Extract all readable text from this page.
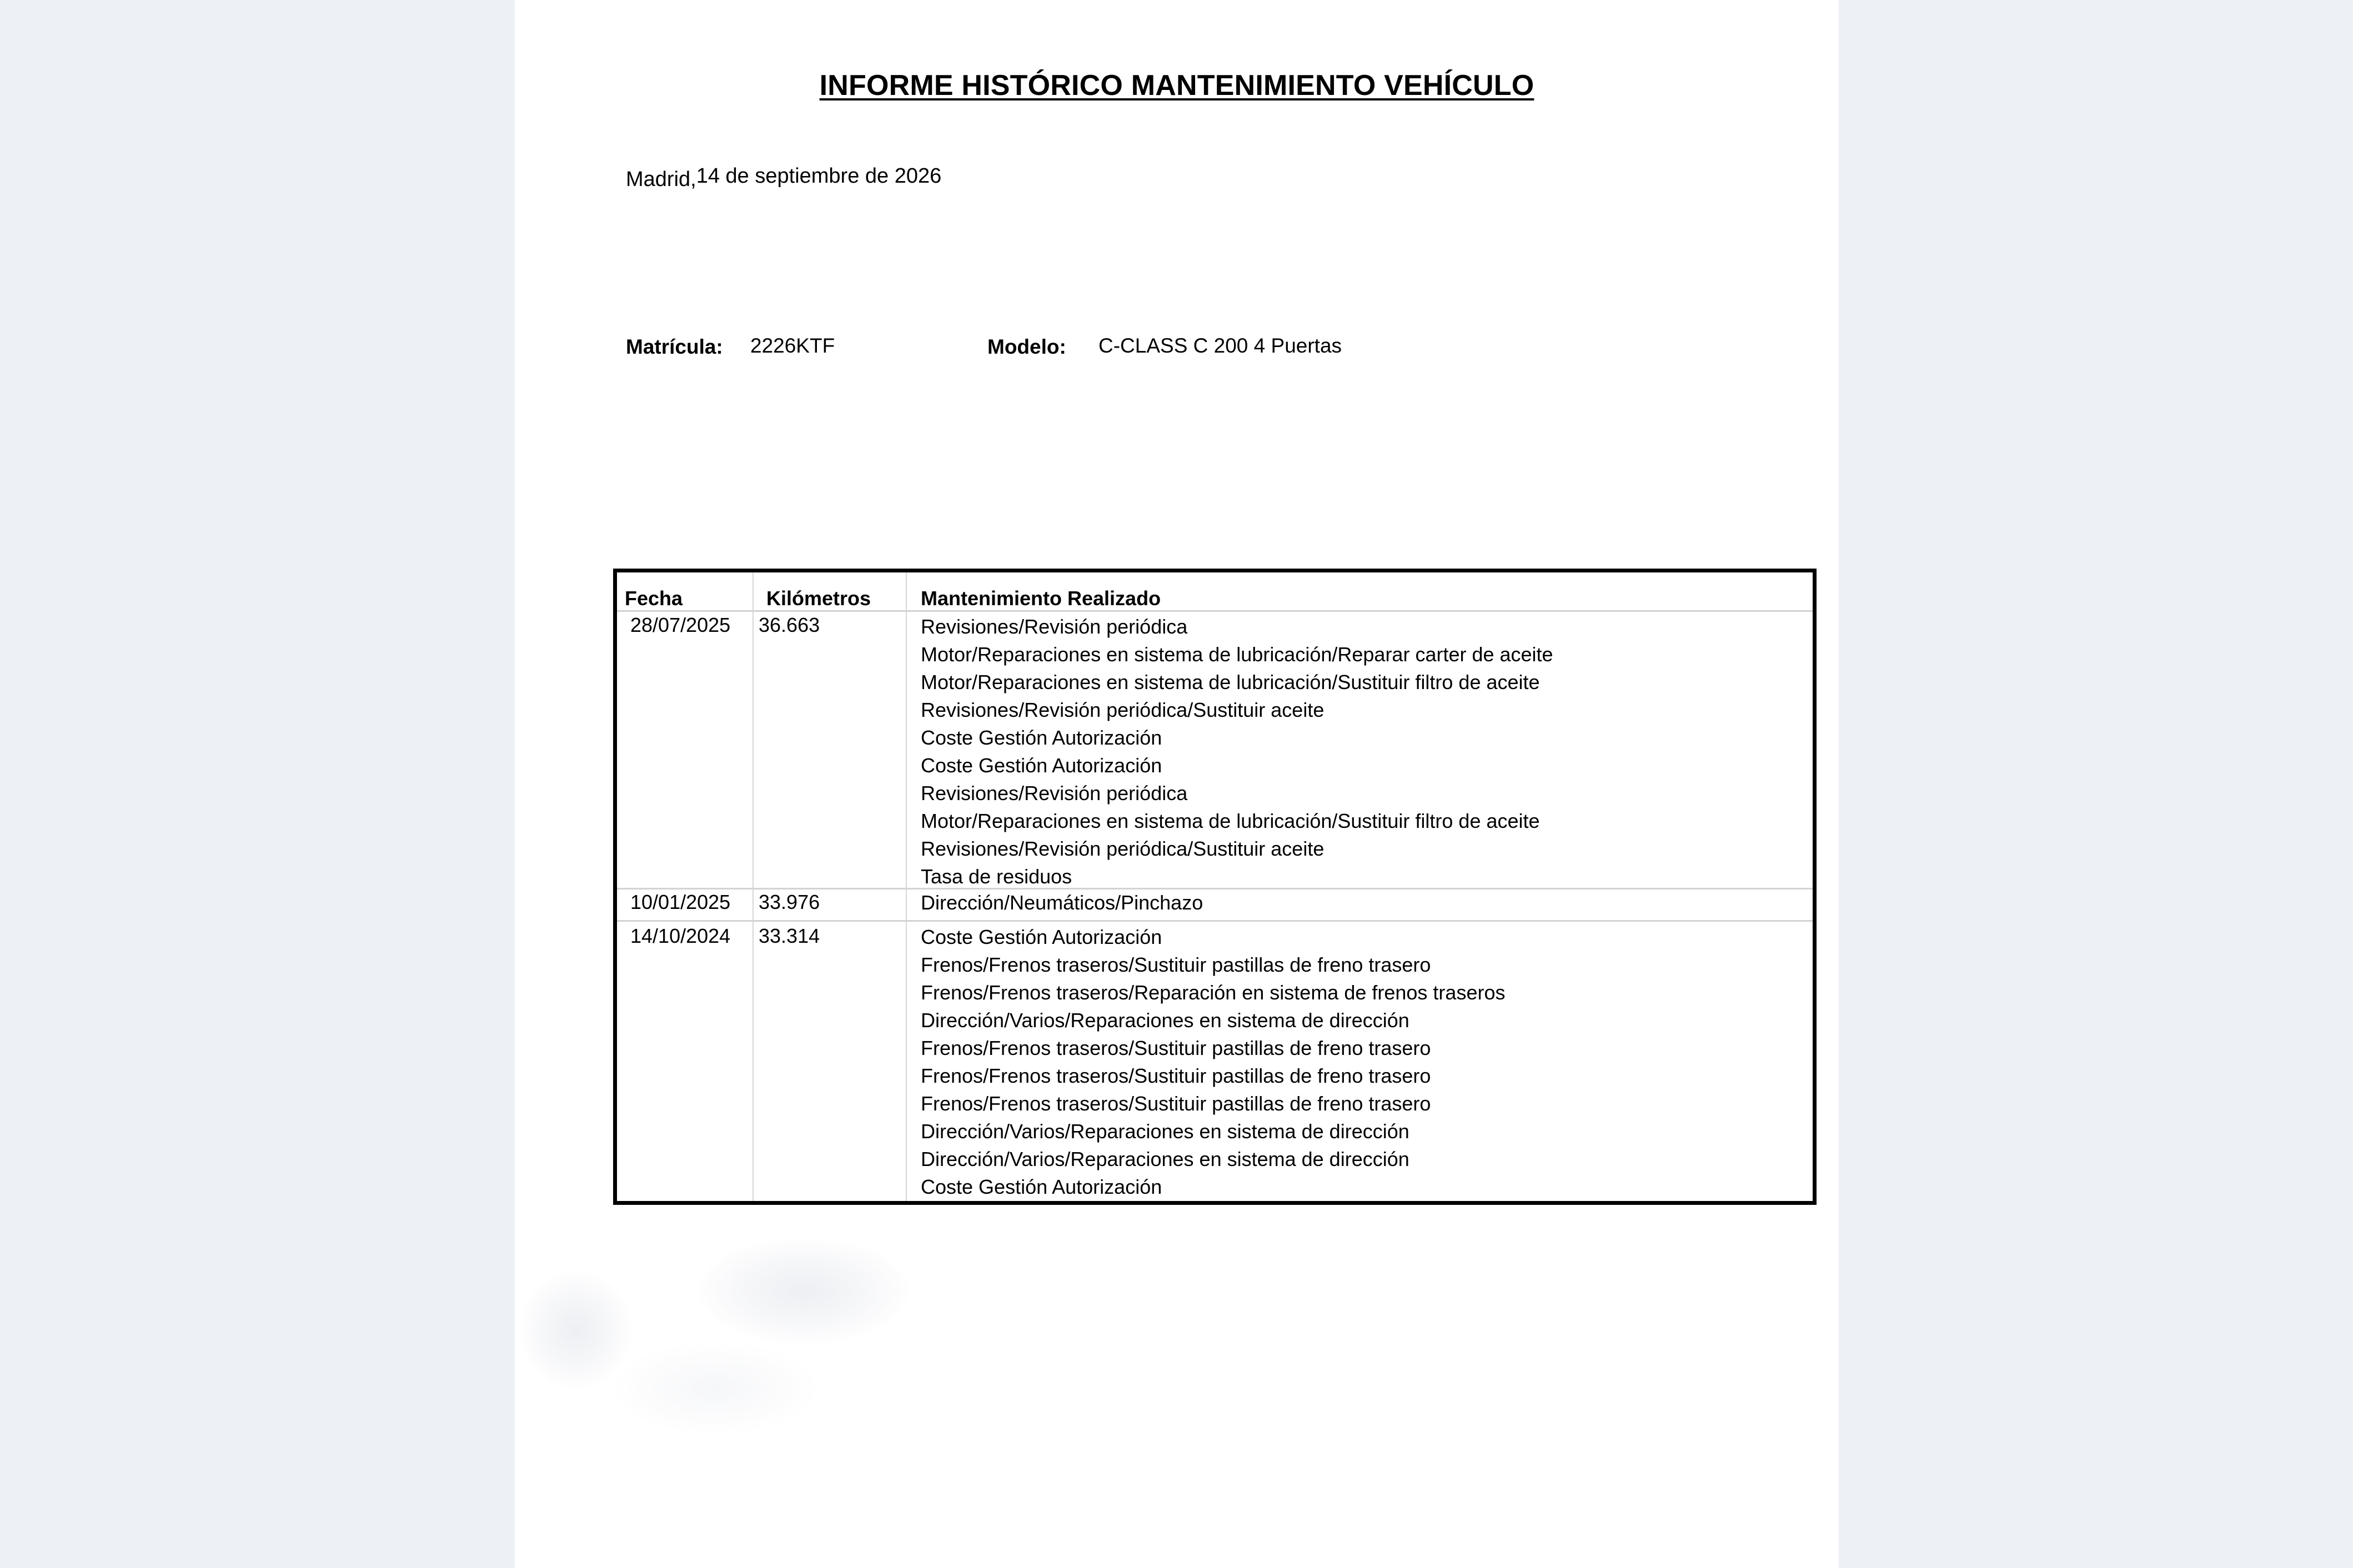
INFORME HISTÓRICO MANTENIMIENTO VEHÍCULO
Madrid,14 de septiembre de 2026
Matrícula: 2226KTF	Modelo: C-CLASS C 200 4 Puertas
Fecha	Kilómetros Mantenimiento Realizado
28/07/2025 36.663	Revisiones/Revisión periódica
Motor/Reparaciones en sistema de lubricación/Reparar carter de aceite
Motor/Reparaciones en sistema de lubricación/Sustituir filtro de aceite
Revisiones/Revisión periódica/Sustituir aceite
Coste Gestión Autorización
Coste Gestión Autorización
Revisiones/Revisión periódica
Motor/Reparaciones en sistema de lubricación/Sustituir filtro de aceite
Revisiones/Revisión periódica/Sustituir aceite
Tasa de residuos
10/01/2025 33.976	Dirección/Neumáticos/Pinchazo
14/10/2024 33.314	Coste Gestión Autorización
Frenos/Frenos traseros/Sustituir pastillas de freno trasero
Frenos/Frenos traseros/Reparación en sistema de frenos traseros
Dirección/Varios/Reparaciones en sistema de dirección
Frenos/Frenos traseros/Sustituir pastillas de freno trasero
Frenos/Frenos traseros/Sustituir pastillas de freno trasero
Frenos/Frenos traseros/Sustituir pastillas de freno trasero
Dirección/Varios/Reparaciones en sistema de dirección
Dirección/Varios/Reparaciones en sistema de dirección
Coste Gestión Autorización
